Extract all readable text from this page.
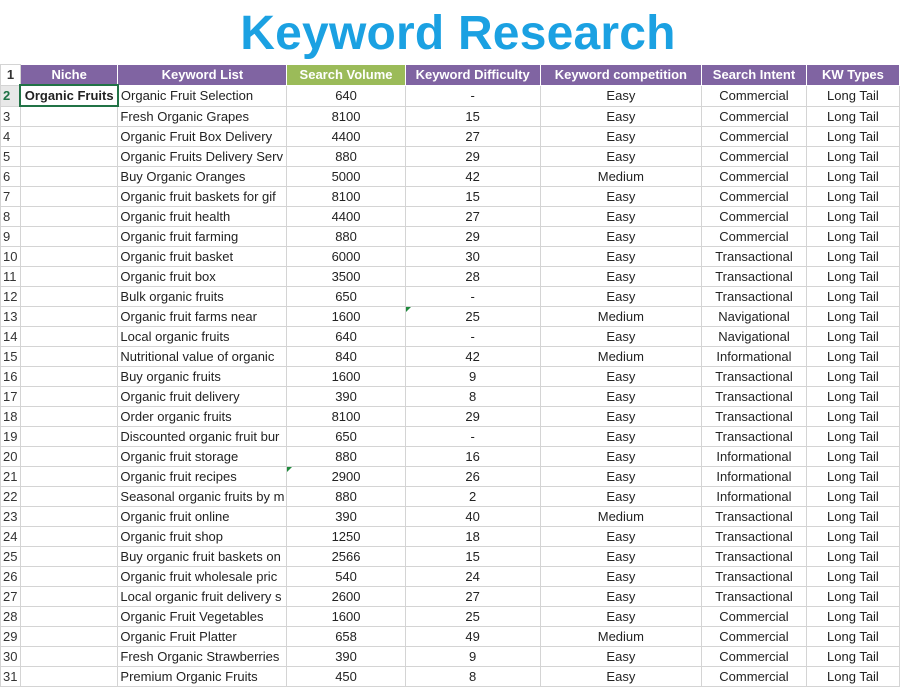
Keyword Research
1	Niche	Keyword List	Search Volume	Keyword Difficulty	Keyword competition	Search Intent	KW Types
2	Organic Fruits	Organic Fruit Selection	640	-	Easy	Commercial	Long Tail
3		Fresh Organic Grapes	8100	15	Easy	Commercial	Long Tail
4		Organic Fruit Box Delivery	4400	27	Easy	Commercial	Long Tail
5		Organic Fruits Delivery Serv	880	29	Easy	Commercial	Long Tail
6		Buy Organic Oranges	5000	42	Medium	Commercial	Long Tail
7		Organic fruit baskets for gif	8100	15	Easy	Commercial	Long Tail
8		Organic fruit health	4400	27	Easy	Commercial	Long Tail
9		Organic fruit farming	880	29	Easy	Commercial	Long Tail
10		Organic fruit basket	6000	30	Easy	Transactional	Long Tail
11		Organic fruit box	3500	28	Easy	Transactional	Long Tail
12		Bulk organic fruits	650	-	Easy	Transactional	Long Tail
13		Organic fruit farms near	1600	25	Medium	Navigational	Long Tail
14		Local organic fruits	640	-	Easy	Navigational	Long Tail
15		Nutritional value of organic	840	42	Medium	Informational	Long Tail
16		Buy organic fruits	1600	9	Easy	Transactional	Long Tail
17		Organic fruit delivery	390	8	Easy	Transactional	Long Tail
18		Order organic fruits	8100	29	Easy	Transactional	Long Tail
19		Discounted organic fruit bur	650	-	Easy	Transactional	Long Tail
20		Organic fruit storage	880	16	Easy	Informational	Long Tail
21		Organic fruit recipes	2900	26	Easy	Informational	Long Tail
22		Seasonal organic fruits by m	880	2	Easy	Informational	Long Tail
23		Organic fruit online	390	40	Medium	Transactional	Long Tail
24		Organic fruit shop	1250	18	Easy	Transactional	Long Tail
25		Buy organic fruit baskets on	2566	15	Easy	Transactional	Long Tail
26		Organic fruit wholesale pric	540	24	Easy	Transactional	Long Tail
27		Local organic fruit delivery s	2600	27	Easy	Transactional	Long Tail
28		Organic Fruit Vegetables	1600	25	Easy	Commercial	Long Tail
29		Organic Fruit Platter	658	49	Medium	Commercial	Long Tail
30		Fresh Organic Strawberries	390	9	Easy	Commercial	Long Tail
31		Premium Organic Fruits	450	8	Easy	Commercial	Long Tail
